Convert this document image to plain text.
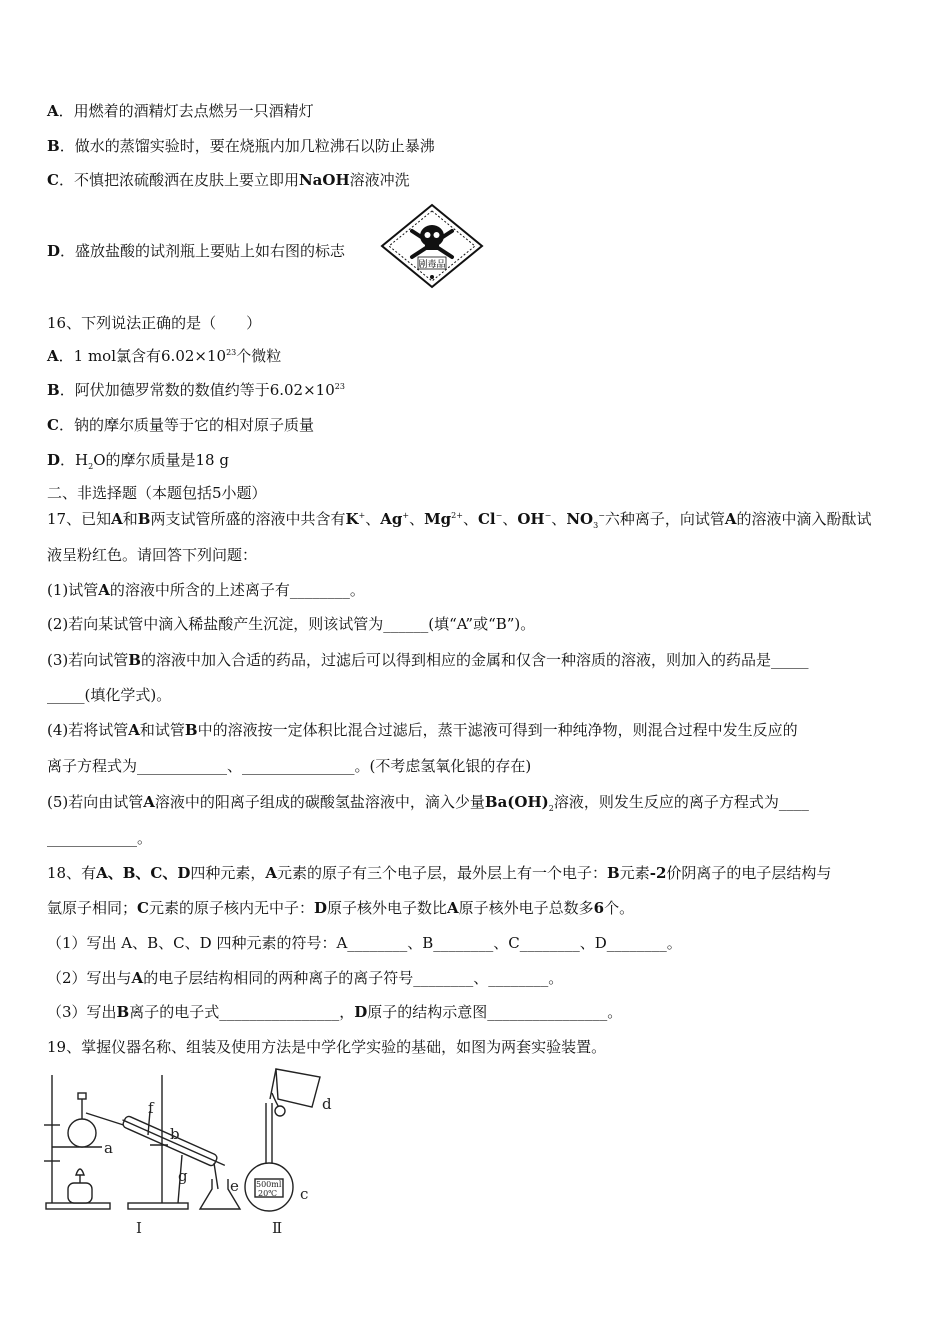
A．用燃着的酒精灯去点燃另一只酒精灯
B．做水的蒸馏实验时，要在烧瓶内加几粒沸石以防止暴沸
C．不慎把浓硫酸洒在皮肤上要立即用NaOH溶液冲洗
D．盛放盐酸的试剂瓶上要贴上如右图的标志
剧毒品
16、下列说法正确的是（　　）
A．1 mol氯含有$6.02\times 10^{23}$个微粒
B．阿伏加德罗常数的数值约等于$6.02\times 10^{23}$
C．钠的摩尔质量等于它的相对原子质量
D．$H_2O$的摩尔质量是18 g
二、非选择题（本题包括5小题）
17、已知A和B两支试管所盛的溶液中共含有K+、Ag+、$Mg^{2+}$、Cl−、OH−、$NO_3^-$六种离子，向试管A的溶液中滴入酚酞试
液呈粉红色。请回答下列问题：
(1)试管A的溶液中所含的上述离子有________。
(2)若向某试管中滴入稀盐酸产生沉淀，则该试管为______(填“A”或“B”)。
(3)若向试管B的溶液中加入合适的药品，过滤后可以得到相应的金属和仅含一种溶质的溶液，则加入的药品是_____
_____(填化学式)。
(4)若将试管A和试管B中的溶液按一定体积比混合过滤后，蒸干滤液可得到一种纯净物，则混合过程中发生反应的
离子方程式为____________、_______________。(不考虑氢氧化银的存在)
(5)若向由试管A溶液中的阳离子组成的碳酸氢盐溶液中，滴入少量$Ba(OH)_2$溶液，则发生反应的离子方程式为____
____________。
18、有A、B、C、D四种元素，A元素的原子有三个电子层，最外层上有一个电子：B元素-2价阴离子的电子层结构与
氩原子相同；C元素的原子核内无中子：D原子核外电子数比A原子核外电子总数多6个。
（1）写出 A、B、C、D 四种元素的符号：A________、B________、C________、D________。
（2）写出与A的电子层结构相同的两种离子的离子符号________、________。
（3）写出B离子的电子式________________，D原子的结构示意图________________。
19、掌握仪器名称、组装及使用方法是中学化学实验的基础，如图为两套实验装置。
a
b
f
g
e
Ⅰ
500ml
20℃
d
c
Ⅱ
